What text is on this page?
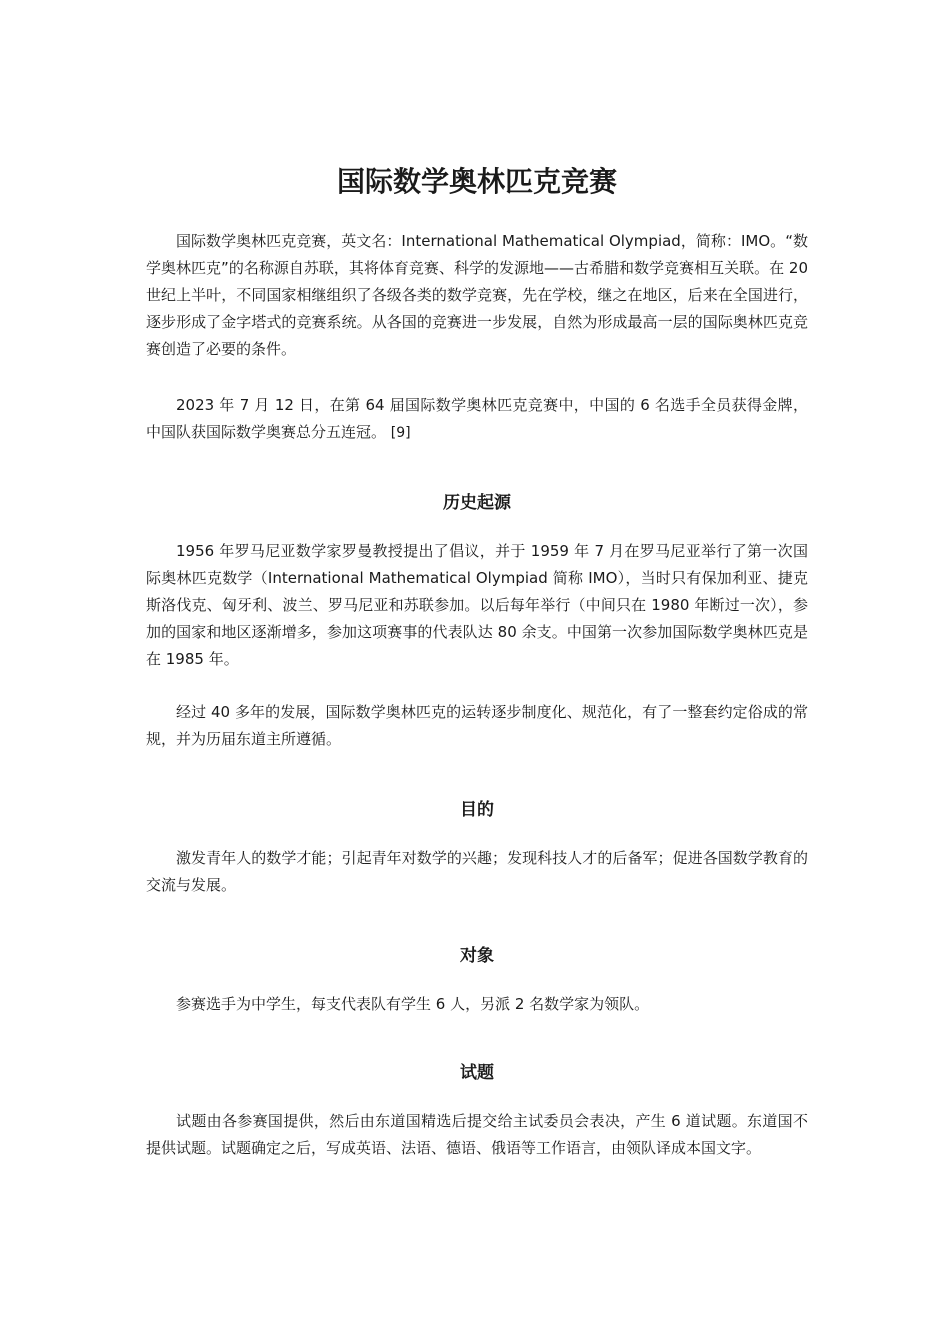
国际数学奥林匹克竞赛

国际数学奥林匹克竞赛，英文名：International Mathematical Olympiad，简称：IMO。“数学奥林匹克”的名称源自苏联，其将体育竞赛、科学的发源地——古希腊和数学竞赛相互关联。在 20 世纪上半叶，不同国家相继组织了各级各类的数学竞赛，先在学校，继之在地区，后来在全国进行，逐步形成了金字塔式的竞赛系统。从各国的竞赛进一步发展，自然为形成最高一层的国际奥林匹克竞赛创造了必要的条件。

2023 年 7 月 12 日，在第 64 届国际数学奥林匹克竞赛中，中国的 6 名选手全员获得金牌，中国队获国际数学奥赛总分五连冠。 [9]

历史起源

1956 年罗马尼亚数学家罗曼教授提出了倡议，并于 1959 年 7 月在罗马尼亚举行了第一次国际奥林匹克数学（International Mathematical Olympiad 简称 IMO），当时只有保加利亚、捷克斯洛伐克、匈牙利、波兰、罗马尼亚和苏联参加。以后每年举行（中间只在 1980 年断过一次），参加的国家和地区逐渐增多，参加这项赛事的代表队达 80 余支。中国第一次参加国际数学奥林匹克是在 1985 年。

经过 40 多年的发展，国际数学奥林匹克的运转逐步制度化、规范化，有了一整套约定俗成的常规，并为历届东道主所遵循。

目的

激发青年人的数学才能；引起青年对数学的兴趣；发现科技人才的后备军；促进各国数学教育的交流与发展。

对象

参赛选手为中学生，每支代表队有学生 6 人，另派 2 名数学家为领队。

试题

试题由各参赛国提供，然后由东道国精选后提交给主试委员会表决，产生 6 道试题。东道国不提供试题。试题确定之后，写成英语、法语、德语、俄语等工作语言，由领队译成本国文字。
